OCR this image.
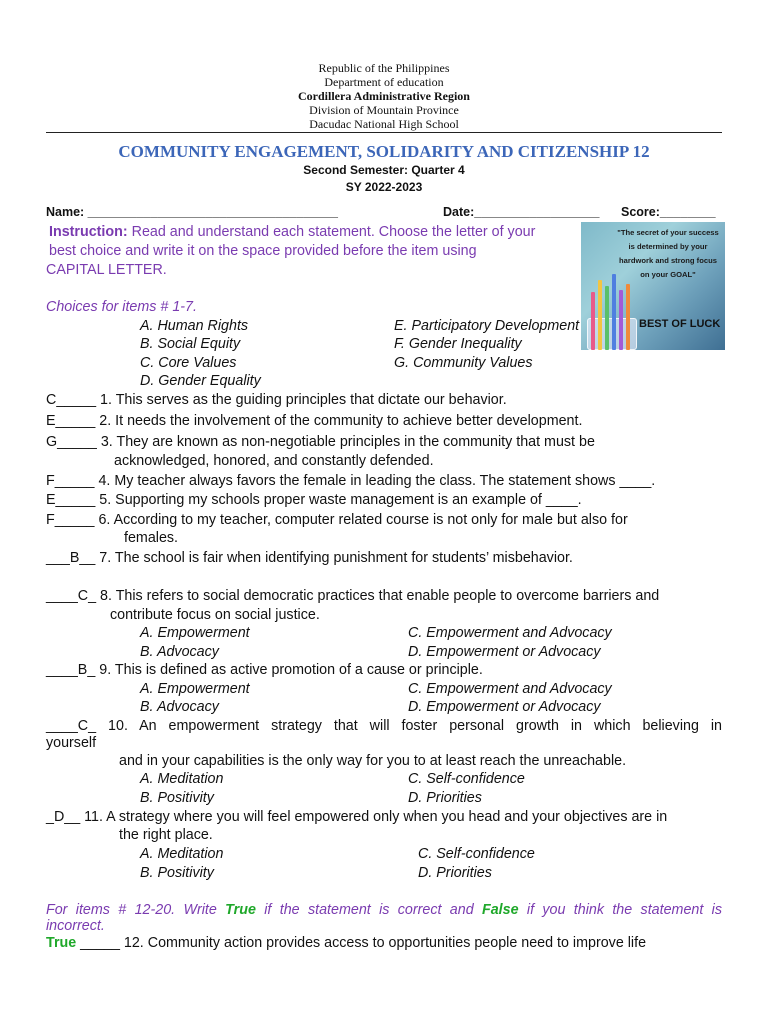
Republic of the Philippines
Department of education
Cordillera Administrative Region
Division of Mountain Province
Dacudac National High School
COMMUNITY ENGAGEMENT, SOLIDARITY AND CITIZENSHIP 12
Second Semester: Quarter 4
SY 2022-2023
Name: ____________________________________	Date:__________________ Score:________
Instruction: Read and understand each statement. Choose the letter of your
best choice and write it on the space provided before the item using
CAPITAL LETTER.
"The secret of your success is determined by your hardwork and strong focus on your GOAL"
BEST OF LUCK
Choices for items # 1-7.
A. Human Rights
B. Social Equity
C. Core Values
D. Gender Equality
E. Participatory Development
F. Gender Inequality
G. Community Values
C_____ 1. This serves as the guiding principles that dictate our behavior.
E_____ 2. It needs the involvement of the community to achieve better development.
G_____ 3. They are known as non-negotiable principles in the community that must be
acknowledged, honored, and constantly defended.
F_____ 4. My teacher always favors the female in leading the class. The statement shows ____.
E_____ 5. Supporting my schools proper waste management is an example of ____.
F_____ 6. According to my teacher, computer related course is not only for male but also for
females.
___B__ 7. The school is fair when identifying punishment for students’ misbehavior.
____C_ 8. This refers to social democratic practices that enable people to overcome barriers and
contribute focus on social justice.
A. Empowerment	C. Empowerment and Advocacy
B. Advocacy	D. Empowerment or Advocacy
____B_ 9. This is defined as active promotion of a cause or principle.
A. Empowerment	C. Empowerment and Advocacy
B. Advocacy	D. Empowerment or Advocacy
____C_ 10. An empowerment strategy that will foster personal growth in which believing in
yourself
and in your capabilities is the only way for you to at least reach the unreachable.
A. Meditation	C. Self-confidence
B. Positivity	D. Priorities
_D__ 11. A strategy where you will feel empowered only when you head and your objectives are in
the right place.
A. Meditation	C. Self-confidence
B. Positivity	D. Priorities
For items # 12-20. Write True if the statement is correct and False if you think the statement is
incorrect.
True _____ 12. Community action provides access to opportunities people need to improve life
